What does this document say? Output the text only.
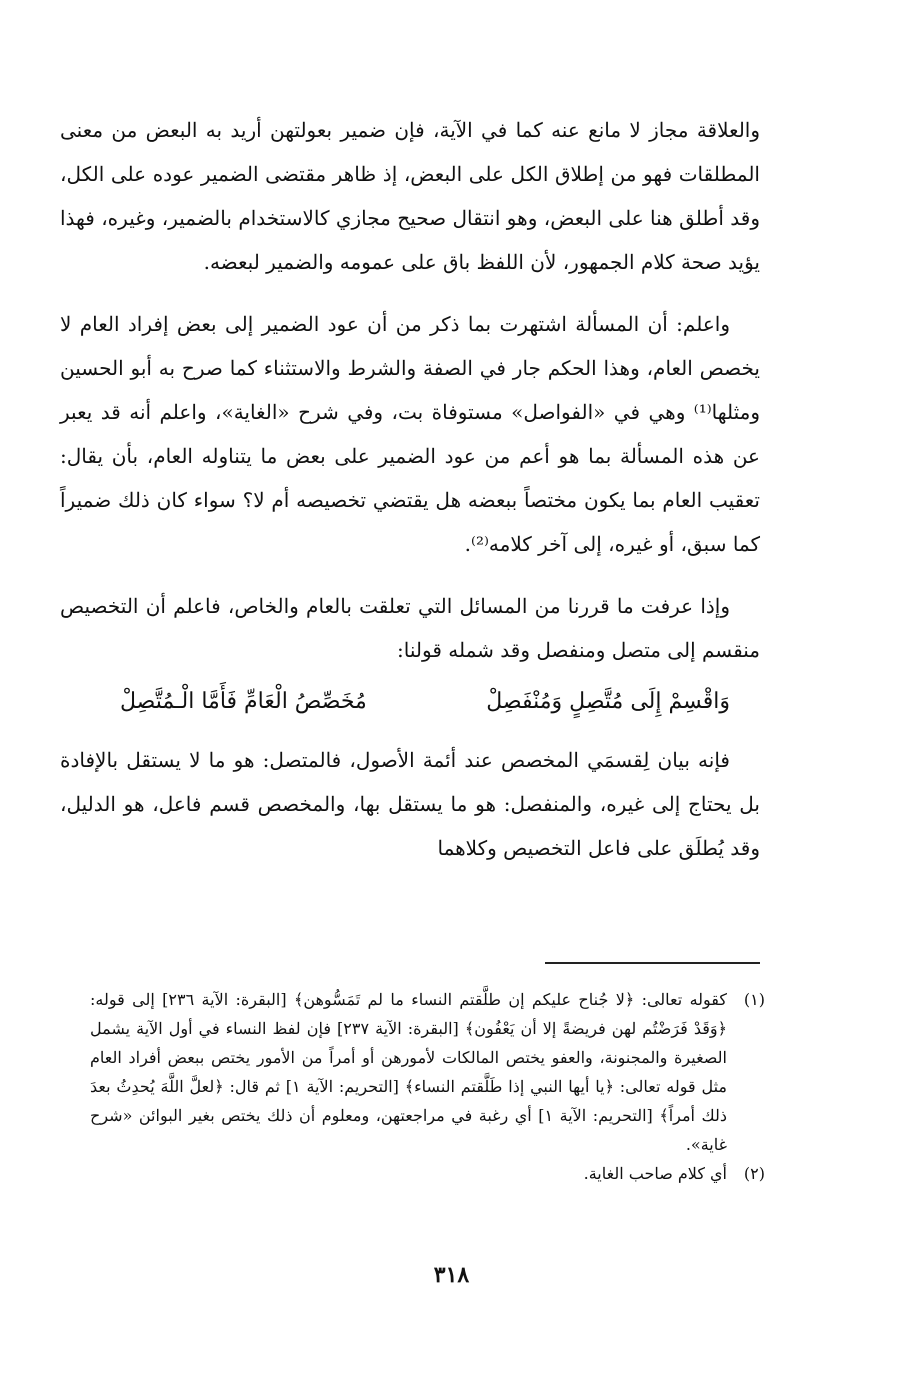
والعلاقة مجاز لا مانع عنه كما في الآية، فإن ضمير بعولتهن أريد به البعض من معنى المطلقات فهو من إطلاق الكل على البعض، إذ ظاهر مقتضى الضمير عوده على الكل، وقد أطلق هنا على البعض، وهو انتقال صحيح مجازي كالاستخدام بالضمير، وغيره، فهذا يؤيد صحة كلام الجمهور، لأن اللفظ باق على عمومه والضمير لبعضه.

واعلم: أن المسألة اشتهرت بما ذكر من أن عود الضمير إلى بعض إفراد العام لا يخصص العام، وهذا الحكم جار في الصفة والشرط والاستثناء كما صرح به أبو الحسين ومثلها⁽¹⁾ وهي في «الفواصل» مستوفاة بت، وفي شرح «الغاية»، واعلم أنه قد يعبر عن هذه المسألة بما هو أعم من عود الضمير على بعض ما يتناوله العام، بأن يقال: تعقيب العام بما يكون مختصاً ببعضه هل يقتضي تخصيصه أم لا؟ سواء كان ذلك ضميراً كما سبق، أو غيره، إلى آخر كلامه⁽²⁾.

وإذا عرفت ما قررنا من المسائل التي تعلقت بالعام والخاص، فاعلم أن التخصيص منقسم إلى متصل ومنفصل وقد شمله قولنا:

وَاقْسِمْ إِلَى مُتَّصِلٍ وَمُنْفَصِلْ
مُخَصِّصُ الْعَامِّ فَأَمَّا الْـمُتَّصِلْ

فإنه بيان لِقسمَي المخصص عند أئمة الأصول، فالمتصل: هو ما لا يستقل بالإفادة بل يحتاج إلى غيره، والمنفصل: هو ما يستقل بها، والمخصص قسم فاعل، هو الدليل، وقد يُطلَق على فاعل التخصيص وكلاهما

(١)كقوله تعالى: ﴿لا جُناح عليكم إن طلَّقتم النساء ما لم تَمَسُّوهن﴾ [البقرة: الآية ٢٣٦] إلى قوله: ﴿وَقَدْ فَرَضْتُم لهن فريضةً إلا أن يَعْفُون﴾ [البقرة: الآية ٢٣٧] فإن لفظ النساء في أول الآية يشمل الصغيرة والمجنونة، والعفو يختص المالكات لأمورهن أو أمراً من الأمور يختص ببعض أفراد العام مثل قوله تعالى: ﴿يا أيها النبي إذا طَلَّقتم النساء﴾ [التحريم: الآية ١] ثم قال: ﴿لعلَّ اللَّهَ يُحدِثُ بعدَ ذلك أمراً﴾ [التحريم: الآية ١] أي رغبة في مراجعتهن، ومعلوم أن ذلك يختص بغير البوائن «شرح غاية».

(٢)أي كلام صاحب الغاية.

٣١٨
